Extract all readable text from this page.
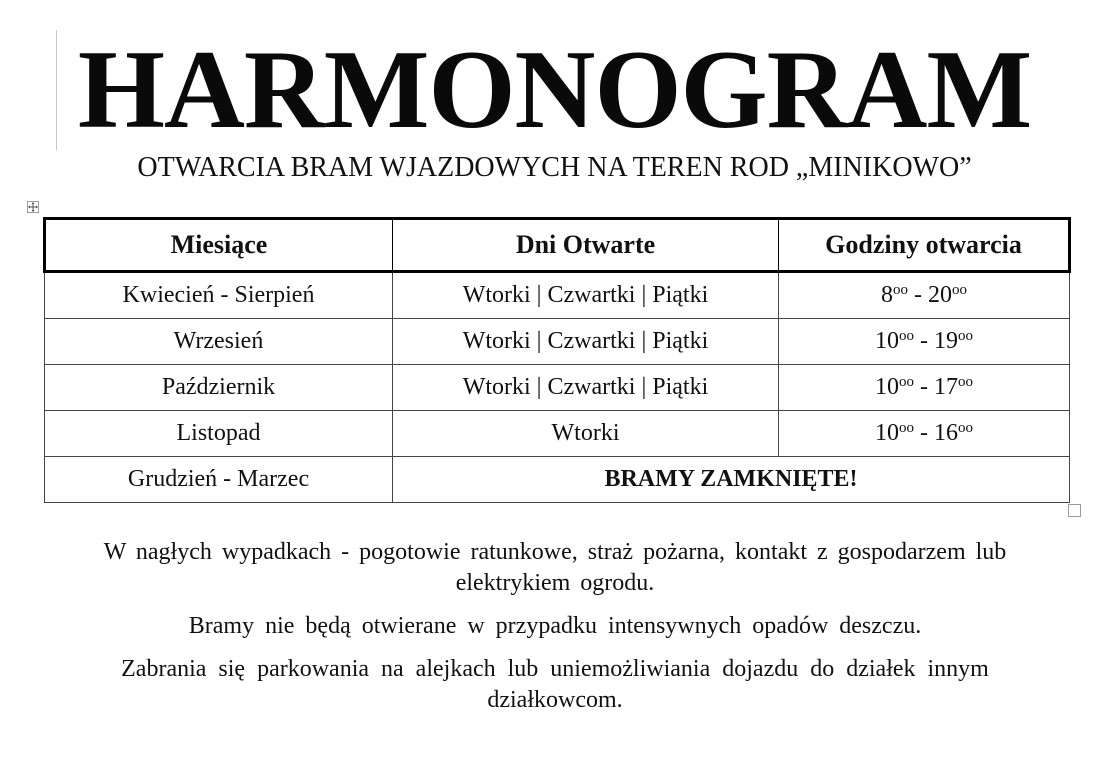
HARMONOGRAM
OTWARCIA BRAM WJAZDOWYCH NA TEREN ROD „MINIKOWO”
Miesiące	Dni Otwarte	Godziny otwarcia
Kwiecień - Sierpień	Wtorki | Czwartki | Piątki	$8^{oo} - 20^{oo}$
Wrzesień	Wtorki | Czwartki | Piątki	$10^{oo} - 19^{oo}$
Październik	Wtorki | Czwartki | Piątki	$10^{oo} - 17^{oo}$
Listopad	Wtorki	$10^{oo} - 16^{oo}$
Grudzień - Marzec	BRAMY ZAMKNIĘTE!	

W nagłych wypadkach - pogotowie ratunkowe, straż pożarna, kontakt z gospodarzem lub elektrykiem ogrodu.

Bramy nie będą otwierane w przypadku intensywnych opadów deszczu.

Zabrania się parkowania na alejkach lub uniemożliwiania dojazdu do działek innym działkowcom.
